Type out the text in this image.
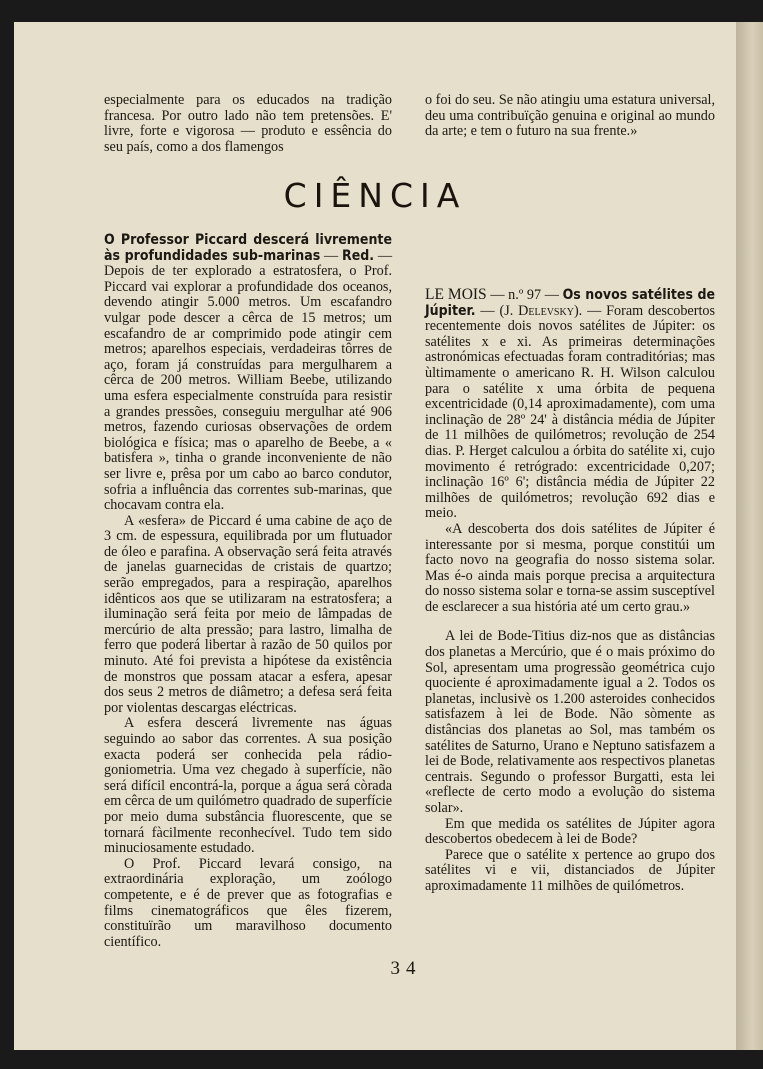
especialmente para os educados na tradição francesa. Por outro lado não tem pretensões. E' livre, forte e vigorosa — produto e essência do seu país, como a dos flamengos

o foi do seu. Se não atingiu uma estatura universal, deu uma contribuïção genuina e original ao mundo da arte; e tem o futuro na sua frente.»

CIÊNCIA

O Professor Piccard descerá livremente às profundidades sub-marinas — Red. — Depois de ter explorado a estratosfera, o Prof. Piccard vai explorar a profundidade dos oceanos, devendo atingir 5.000 metros. Um escafandro vulgar pode descer a cêrca de 15 metros; um escafandro de ar comprimido pode atingir cem metros; aparelhos especiais, verdadeiras tôrres de aço, foram já construídas para mergulharem a cêrca de 200 metros. William Beebe, utilizando uma esfera especialmente construída para resistir a grandes pressões, conseguiu mergulhar até 906 metros, fazendo curiosas observações de ordem biológica e física; mas o aparelho de Beebe, a « batisfera », tinha o grande inconveniente de não ser livre e, prêsa por um cabo ao barco condutor, sofria a influência das correntes sub-marinas, que chocavam contra ela.

A «esfera» de Piccard é uma cabine de aço de 3 cm. de espessura, equilibrada por um flutuador de óleo e parafina. A observação será feita através de janelas guarnecidas de cristais de quartzo; serão empregados, para a respiração, aparelhos idênticos aos que se utilizaram na estratosfera; a iluminação será feita por meio de lâmpadas de mercúrio de alta pressão; para lastro, limalha de ferro que poderá libertar à razão de 50 quilos por minuto. Até foi prevista a hipótese da existência de monstros que possam atacar a esfera, apesar dos seus 2 metros de diâmetro; a defesa será feita por violentas descargas eléctricas.

A esfera descerá livremente nas águas seguindo ao sabor das correntes. A sua posição exacta poderá ser conhecida pela rádio-goniometria. Uma vez chegado à superfície, não será difícil encontrá-la, porque a água será còrada em cêrca de um quilómetro quadrado de superfície por meio duma substância fluorescente, que se tornará fàcilmente reconhecível. Tudo tem sido minuciosamente estudado.

O Prof. Piccard levará consigo, na extraordinária exploração, um zoólogo competente, e é de prever que as fotografias e films cinematográficos que êles fizerem, constituïrão um maravilhoso documento científico.

LE MOIS — n.º 97 — Os novos satélites de Júpiter. — (J. Delevsky). — Foram descobertos recentemente dois novos satélites de Júpiter: os satélites x e xi. As primeiras determinações astronómicas efectuadas foram contraditórias; mas ùltimamente o americano R. H. Wilson calculou para o satélite x uma órbita de pequena excentricidade (0,14 aproximadamente), com uma inclinação de 28º 24' à distância média de Júpiter de 11 milhões de quilómetros; revolução de 254 dias. P. Herget calculou a órbita do satélite xi, cujo movimento é retrógrado: excentricidade 0,207; inclinação 16º 6'; distância média de Júpiter 22 milhões de quilómetros; revolução 692 dias e meio.

«A descoberta dos dois satélites de Júpiter é interessante por si mesma, porque constitúi um facto novo na geografia do nosso sistema solar. Mas é-o ainda mais porque precisa a arquitectura do nosso sistema solar e torna-se assim susceptível de esclarecer a sua história até um certo grau.»

A lei de Bode-Titius diz-nos que as distâncias dos planetas a Mercúrio, que é o mais próximo do Sol, apresentam uma progressão geométrica cujo quociente é aproximadamente igual a 2. Todos os planetas, inclusivè os 1.200 asteroides conhecidos satisfazem à lei de Bode. Não sòmente as distâncias dos planetas ao Sol, mas também os satélites de Saturno, Urano e Neptuno satisfazem a lei de Bode, relativamente aos respectivos planetas centrais. Segundo o professor Burgatti, esta lei «reflecte de certo modo a evolução do sistema solar».

Em que medida os satélites de Júpiter agora descobertos obedecem à lei de Bode?

Parece que o satélite x pertence ao grupo dos satélites vi e vii, distanciados de Júpiter aproximadamente 11 milhões de quilómetros.

34
